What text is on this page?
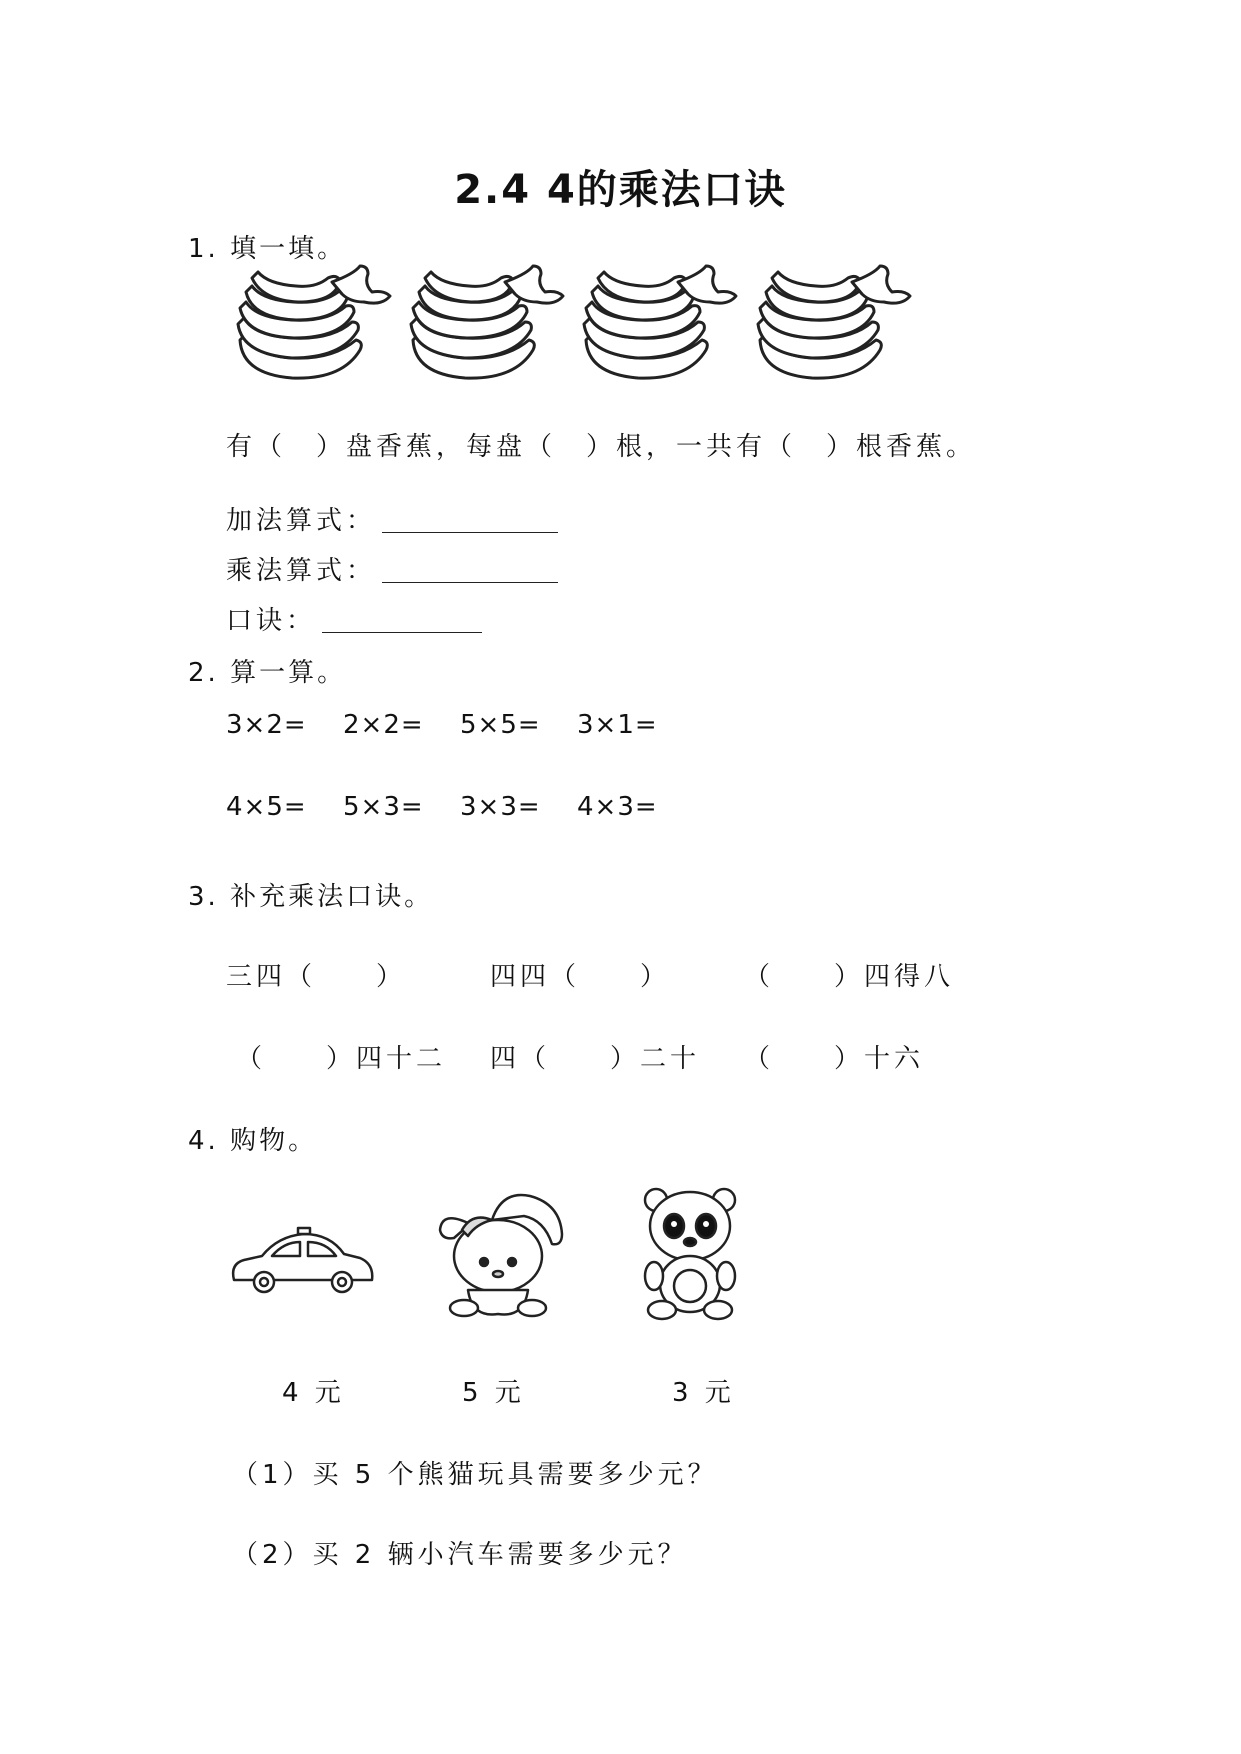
2.4 4的乘法口诀
1. 填一填。
有（　）盘香蕉，每盘（　）根，一共有（　）根香蕉。
加法算式：
乘法算式：
口诀：
2. 算一算。
3×2= 2×2= 5×5= 3×1=
4×5= 5×3= 3×3= 4×3=
3. 补充乘法口诀。
三四（　　）	四四（　　）	（　　）四得八
（　　）四十二 四（　　）二十 （　　）十六
4. 购物。
4 元	5 元	3 元
（1）买 5 个熊猫玩具需要多少元？
（2）买 2 辆小汽车需要多少元？
